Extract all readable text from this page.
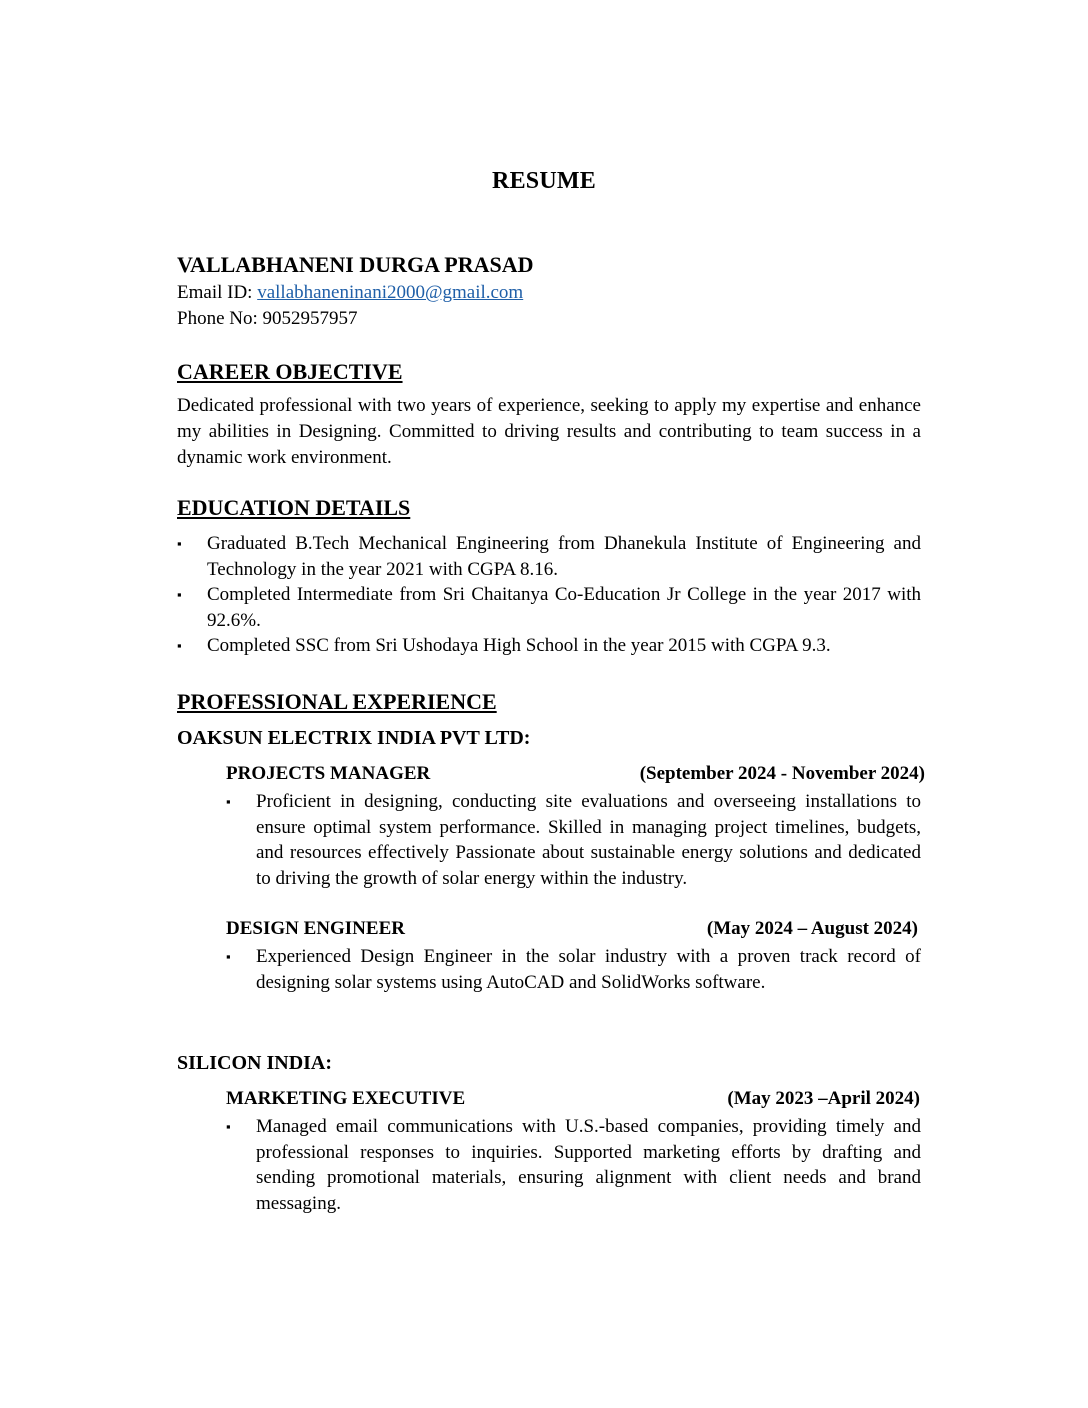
RESUME
VALLABHANENI DURGA PRASAD

Email ID: vallabhaneninani2000@gmail.com

Phone No: 9052957957

CAREER OBJECTIVE

Dedicated professional with two years of experience, seeking to apply my expertise and enhance my abilities in Designing. Committed to driving results and contributing to team success in a dynamic work environment.

EDUCATION DETAILS
▪ Graduated B.Tech Mechanical Engineering from Dhanekula Institute of Engineering and Technology in the year 2021 with CGPA 8.16.
▪ Completed Intermediate from Sri Chaitanya Co-Education Jr College in the year 2017 with 92.6%.
▪ Completed SSC from Sri Ushodaya High School in the year 2015 with CGPA 9.3.
PROFESSIONAL EXPERIENCE

OAKSUN ELECTRIX INDIA PVT LTD:

PROJECTS MANAGER	(September 2024 - November 2024)

▪ Proficient in designing, conducting site evaluations and overseeing installations to ensure optimal system performance. Skilled in managing project timelines, budgets, and resources effectively Passionate about sustainable energy solutions and dedicated to driving the growth of solar energy within the industry.

DESIGN ENGINEER	(May 2024 – August 2024)

▪ Experienced Design Engineer in the solar industry with a proven track record of designing solar systems using AutoCAD and SolidWorks software.

SILICON INDIA:

MARKETING EXECUTIVE	(May 2023 –April 2024)

▪ Managed email communications with U.S.-based companies, providing timely and professional responses to inquiries. Supported marketing efforts by drafting and sending promotional materials, ensuring alignment with client needs and brand messaging.
